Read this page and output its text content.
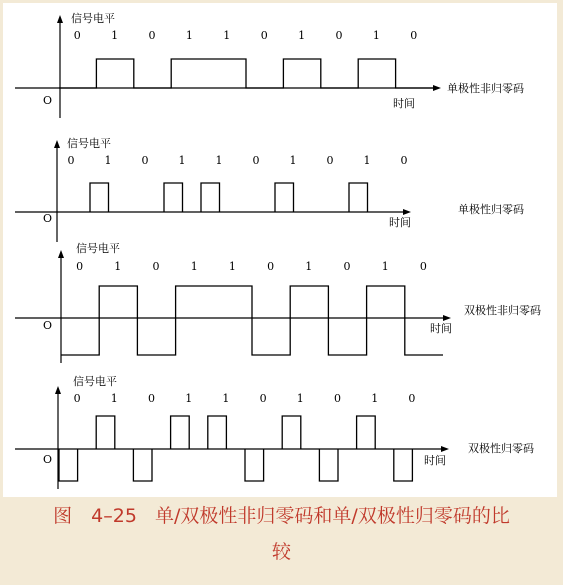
信号电平
O	时间
单极性非归零码
0	1	0	1	1	0	1	0	1	0
信号电平
O	时间
单极性归零码
0	1	0	1	1	0	1	0	1	0
信号电平
O	时间
双极性非归零码
0	1	0	1	1	0	1	0	1	0
信号电平
O	时间
双极性归零码
0	1	0	1	1	0	1	0	1	0
图　4–25 单/双极性非归零码和单/双极性归零码的比
较
